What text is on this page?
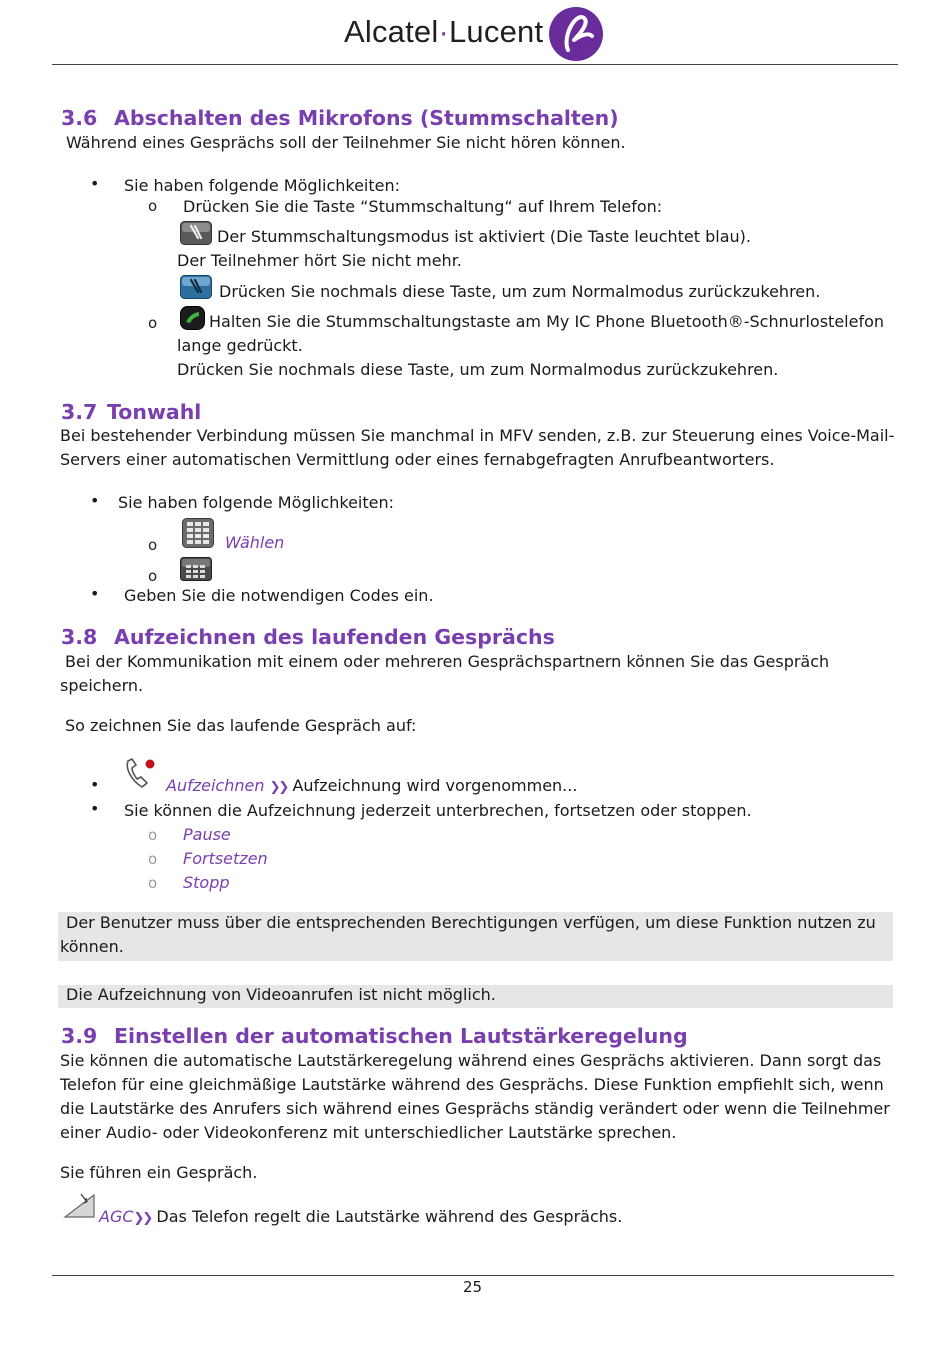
Alcatel·Lucent
3.6 Abschalten des Mikrofons (Stummschalten)
Während eines Gesprächs soll der Teilnehmer Sie nicht hören können.
• Sie haben folgende Möglichkeiten:
o Drücken Sie die Taste “Stummschaltung“ auf Ihrem Telefon:
Der Stummschaltungsmodus ist aktiviert (Die Taste leuchtet blau).
Der Teilnehmer hört Sie nicht mehr.
Drücken Sie nochmals diese Taste, um zum Normalmodus zurückzukehren.
o	Halten Sie die Stummschaltungstaste am My IC Phone Bluetooth®-Schnurlostelefon
lange gedrückt.
Drücken Sie nochmals diese Taste, um zum Normalmodus zurückzukehren.
3.7 Tonwahl
Bei bestehender Verbindung müssen Sie manchmal in MFV senden, z.B. zur Steuerung eines Voice-Mail-
Servers einer automatischen Vermittlung oder eines fernabgefragten Anrufbeantworters.
• Sie haben folgende Möglichkeiten:
o	Wählen
o
• Geben Sie die notwendigen Codes ein.
3.8 Aufzeichnen des laufenden Gesprächs
Bei der Kommunikation mit einem oder mehreren Gesprächspartnern können Sie das Gespräch
speichern.
So zeichnen Sie das laufende Gespräch auf:
•	Aufzeichnen ❯❯ Aufzeichnung wird vorgenommen...
• Sie können die Aufzeichnung jederzeit unterbrechen, fortsetzen oder stoppen.
o Pause
o Fortsetzen
o Stopp
Der Benutzer muss über die entsprechenden Berechtigungen verfügen, um diese Funktion nutzen zu
können.
Die Aufzeichnung von Videoanrufen ist nicht möglich.
3.9 Einstellen der automatischen Lautstärkeregelung
Sie können die automatische Lautstärkeregelung während eines Gesprächs aktivieren. Dann sorgt das
Telefon für eine gleichmäßige Lautstärke während des Gesprächs. Diese Funktion empfiehlt sich, wenn
die Lautstärke des Anrufers sich während eines Gesprächs ständig verändert oder wenn die Teilnehmer
einer Audio- oder Videokonferenz mit unterschiedlicher Lautstärke sprechen.
Sie führen ein Gespräch.
AGC❯❯ Das Telefon regelt die Lautstärke während des Gesprächs.
25
